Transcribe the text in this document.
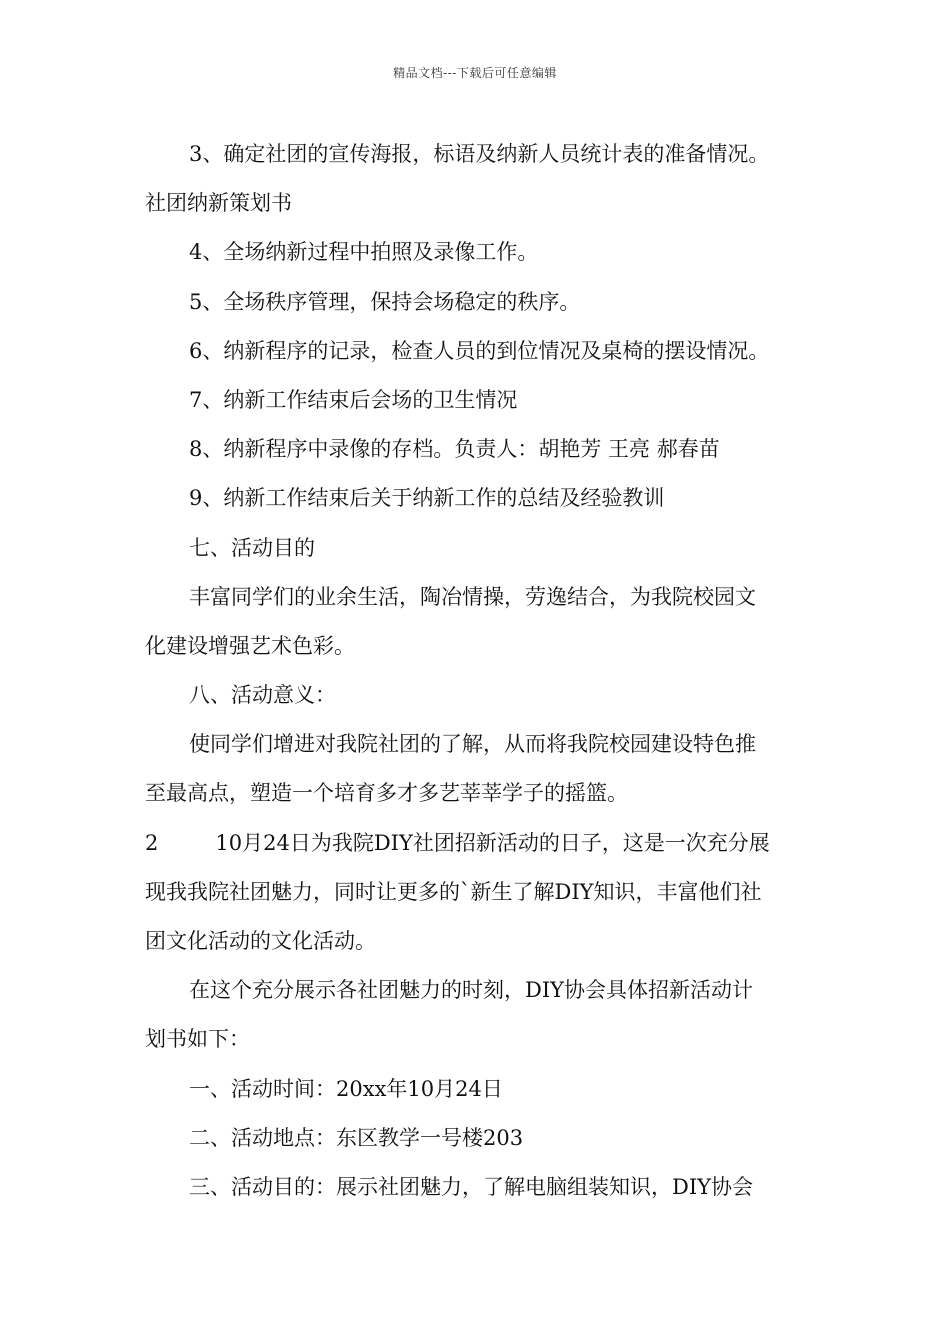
精品文档---下载后可任意编辑
3、确定社团的宣传海报，标语及纳新人员统计表的准备情况。
社团纳新策划书
4、全场纳新过程中拍照及录像工作。
5、全场秩序管理，保持会场稳定的秩序。
6、纳新程序的记录，检查人员的到位情况及桌椅的摆设情况。
7、纳新工作结束后会场的卫生情况
8、纳新程序中录像的存档。负责人：胡艳芳 王亮 郝春苗
9、纳新工作结束后关于纳新工作的总结及经验教训
七、活动目的
丰富同学们的业余生活，陶冶情操，劳逸结合，为我院校园文
化建设增强艺术色彩。
八、活动意义：
使同学们增进对我院社团的了解，从而将我院校园建设特色推
至最高点，塑造一个培育多才多艺莘莘学子的摇篮。
2	10月24日为我院DIY社团招新活动的日子，这是一次充分展
现我我院社团魅力，同时让更多的`新生了解DIY知识，丰富他们社
团文化活动的文化活动。
在这个充分展示各社团魅力的时刻，DIY协会具体招新活动计
划书如下：
一、活动时间：20xx年10月24日
二、活动地点：东区教学一号楼203
三、活动目的：展示社团魅力，了解电脑组装知识，DIY协会
